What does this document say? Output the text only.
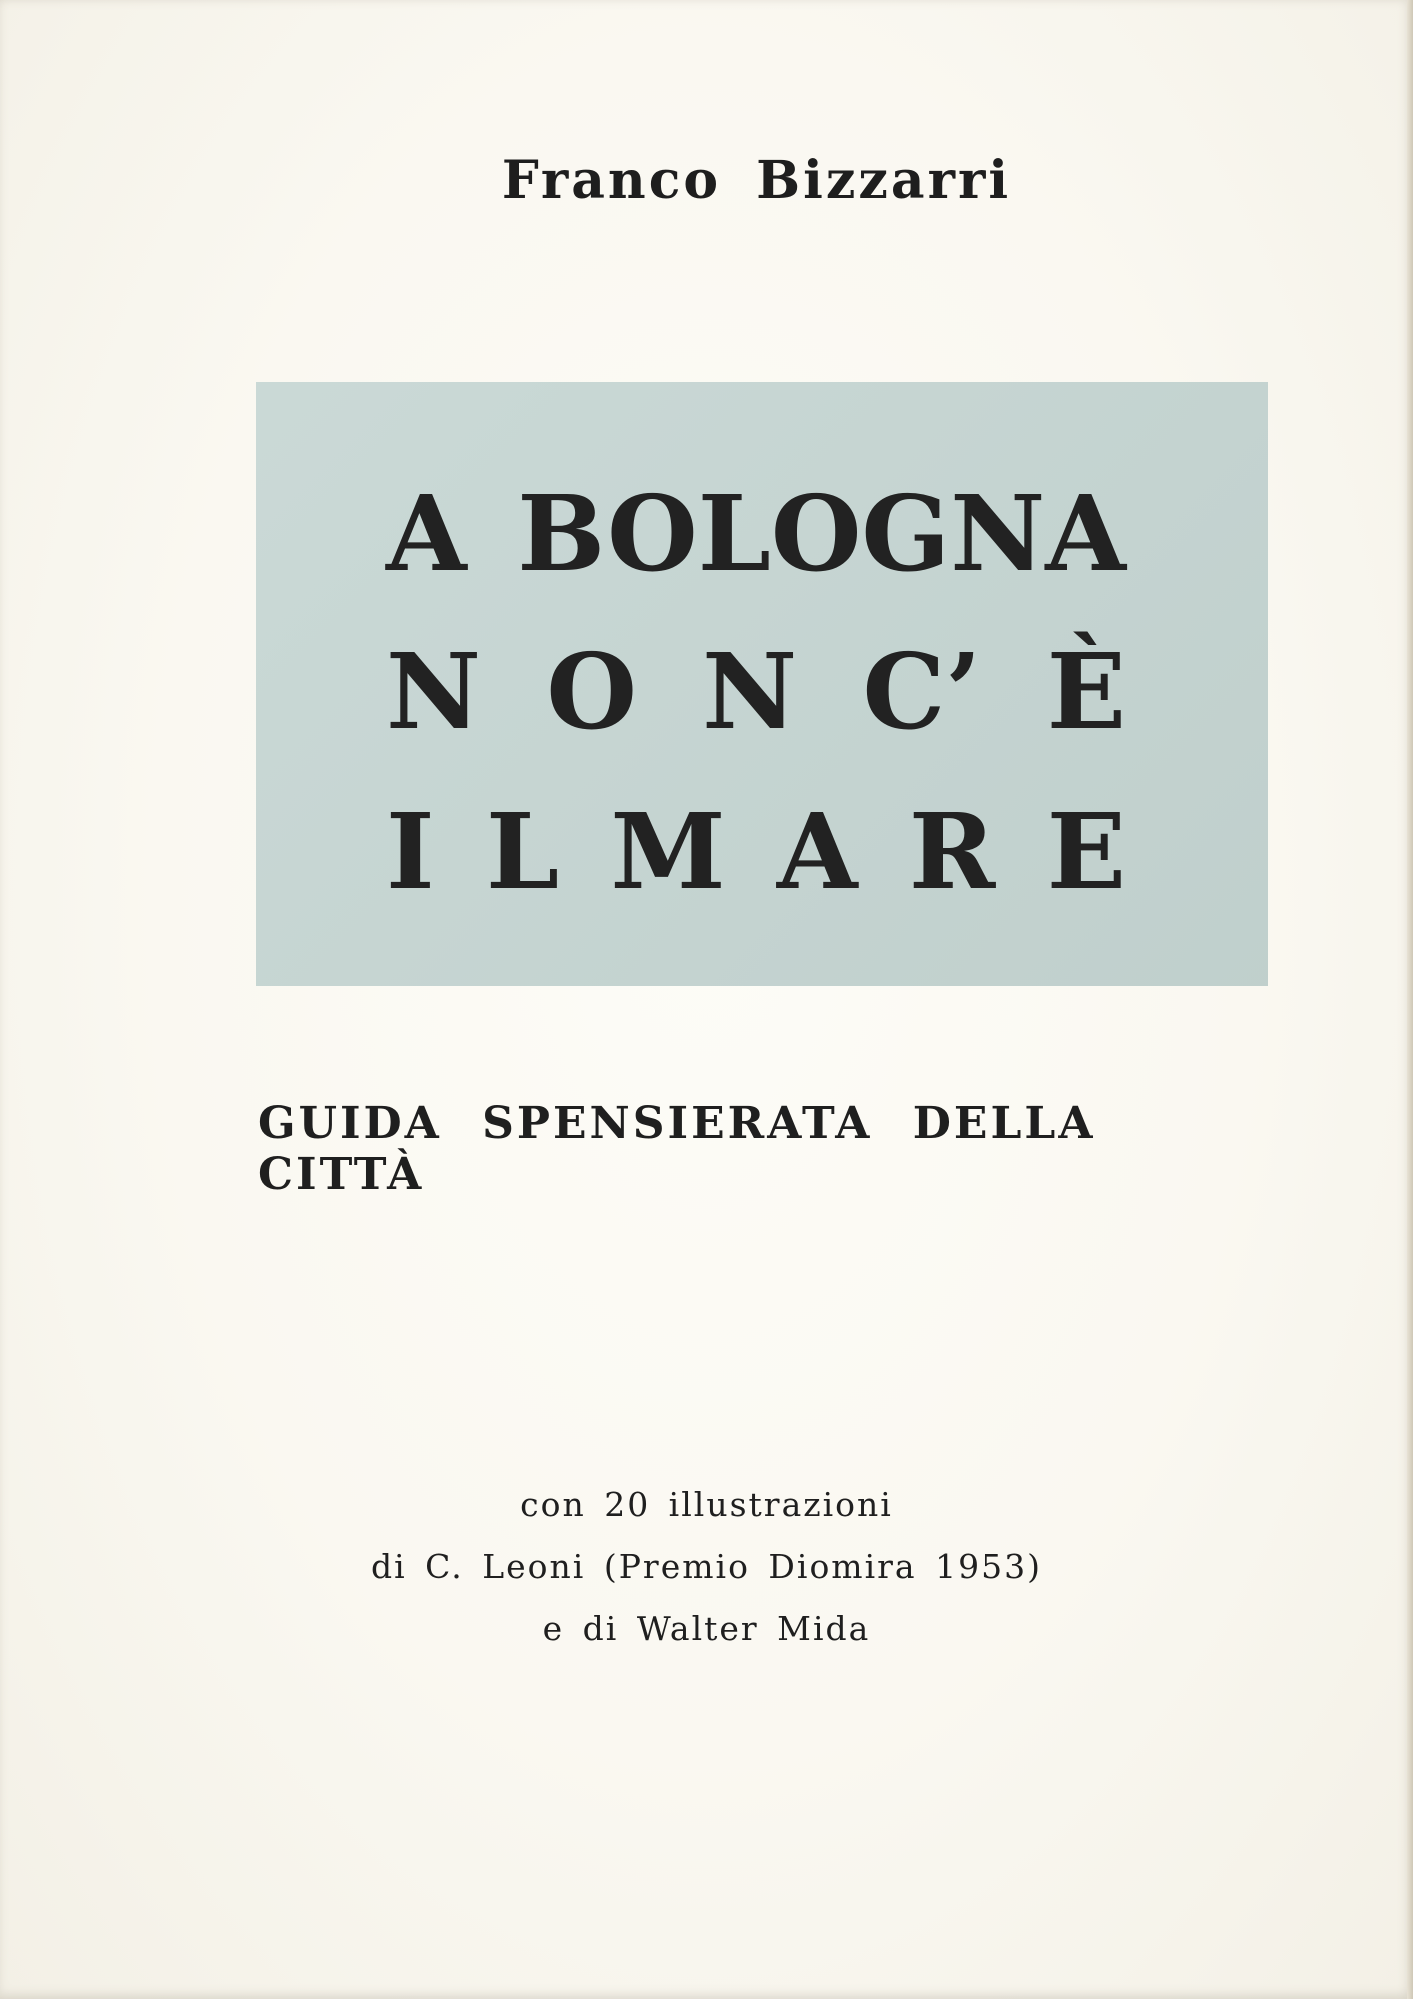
Franco Bizzarri
A BOLOGNA
N O N C’ È
I L M A R E
GUIDA SPENSIERATA DELLA CITTÀ
con 20 illustrazioni
di C. Leoni (Premio Diomira 1953)
e di Walter Mida
